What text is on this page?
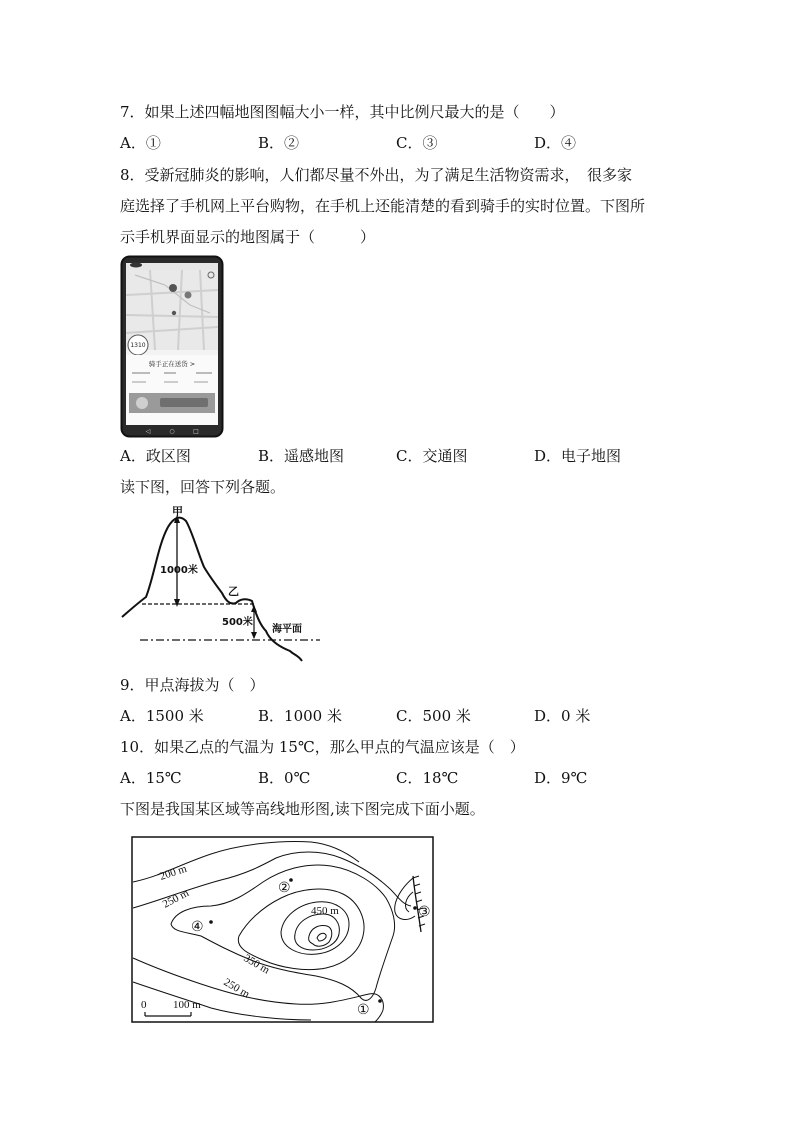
7．如果上述四幅地图图幅大小一样，其中比例尺最大的是（　　）
A．①	B．②	C．③	D．④
8．受新冠肺炎的影响，人们都尽量不外出，为了满足生活物资需求，　很多家
庭选择了手机网上平台购物，在手机上还能清楚的看到骑手的实时位置。下图所
示手机界面显示的地图属于（　　　）
1310
骑手正在送货 >
◁	○	□
A．政区图	B．遥感地图	C．交通图	D．电子地图
读下图，回答下列各题。
甲
乙
1000米
500米
海平面
9．甲点海拔为（　）
A．1500 米	B．1000 米	C．500 米	D．0 米
10．如果乙点的气温为 15℃，那么甲点的气温应该是（　）
A．15℃	B．0℃	C．18℃	D．9℃
下图是我国某区域等高线地形图,读下图完成下面小题。
②
③
④
①
200 m
250 m
450 m
350 m
250 m
0 100 m
